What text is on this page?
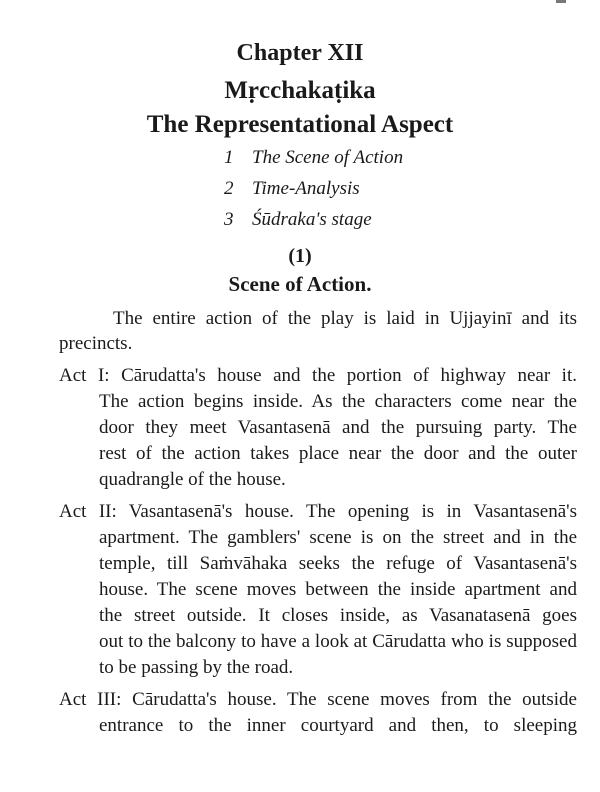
Chapter XII
Mṛcchakaṭika
The Representational Aspect
1 The Scene of Action
2 Time-Analysis
3 Śūdraka's stage
(1)
Scene of Action.
The entire action of the play is laid in Ujjayinī and its
precincts.
Act I: Cārudatta's house and the portion of highway near it.
The action begins inside. As the characters come near the
door they meet Vasantasenā and the pursuing party. The
rest of the action takes place near the door and the outer
quadrangle of the house.
Act II: Vasantasenā's house. The opening is in Vasantasenā's
apartment. The gamblers' scene is on the street and in the
temple, till Saṁvāhaka seeks the refuge of Vasantasenā's
house. The scene moves between the inside apartment and
the street outside. It closes inside, as Vasanatasenā goes
out to the balcony to have a look at Cārudatta who is supposed
to be passing by the road.
Act III: Cārudatta's house. The scene moves from the outside
entrance to the inner courtyard and then, to sleeping
